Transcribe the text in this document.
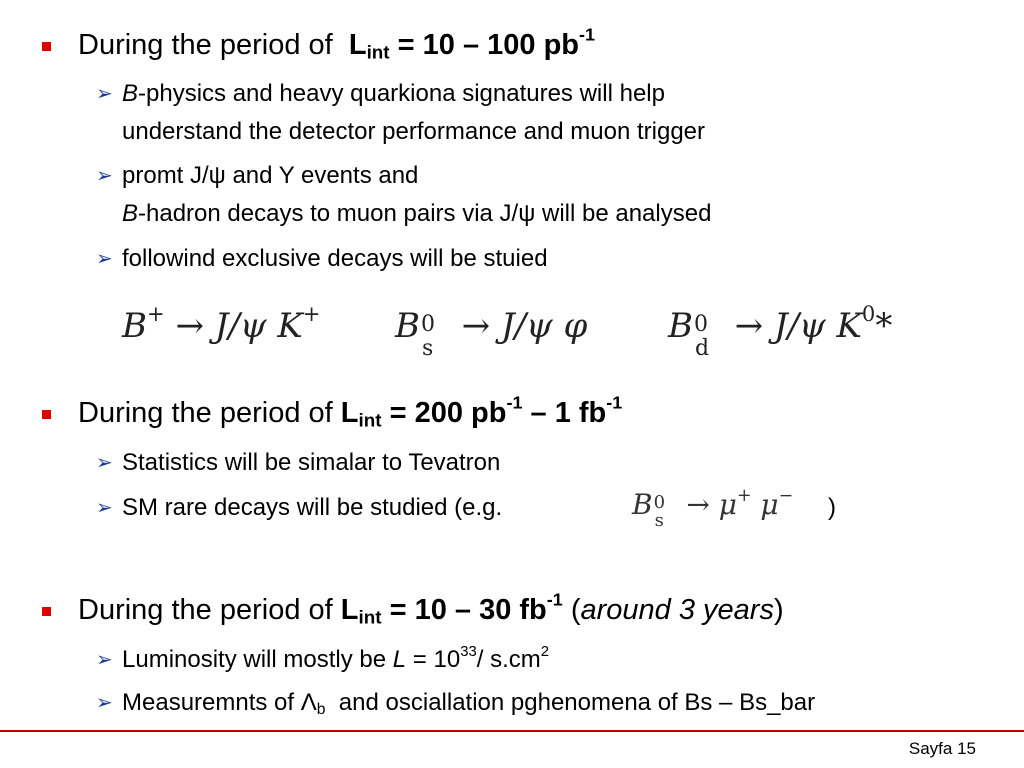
During the period of $L_{int} = 10 - 100$ $pb^{-1}$
➢ B-physics and heavy quarkiona signatures will help
understand the detector performance and muon trigger
➢ promt J/ψ and Y events and
B-hadron decays to muon pairs via J/ψ will be analysed
➢ followind exclusive decays will be stuied
B+ → J/ψ K+ B 0
s
→ J/ψ φ B 0
d
→ J/ψ $K^0*$
During the period of $L_{int} = 200$ $pb^{-1} - 1$ $fb^{-1}$
➢ Statistics will be simalar to Tevatron
➢ SM rare decays will be studied (e.g.	B 0
s → μ+ μ− )
During the period of $L_{int} = 10 - 30$ $fb^{-1}$ (around 3 years)
➢ Luminosity will mostly be $L = 10^{33}/$ $s.cm^2$
➢ Measuremnts of $\Lambda_b$ and osciallation pghenomena of Bs – Bs_bar
Sayfa 15
